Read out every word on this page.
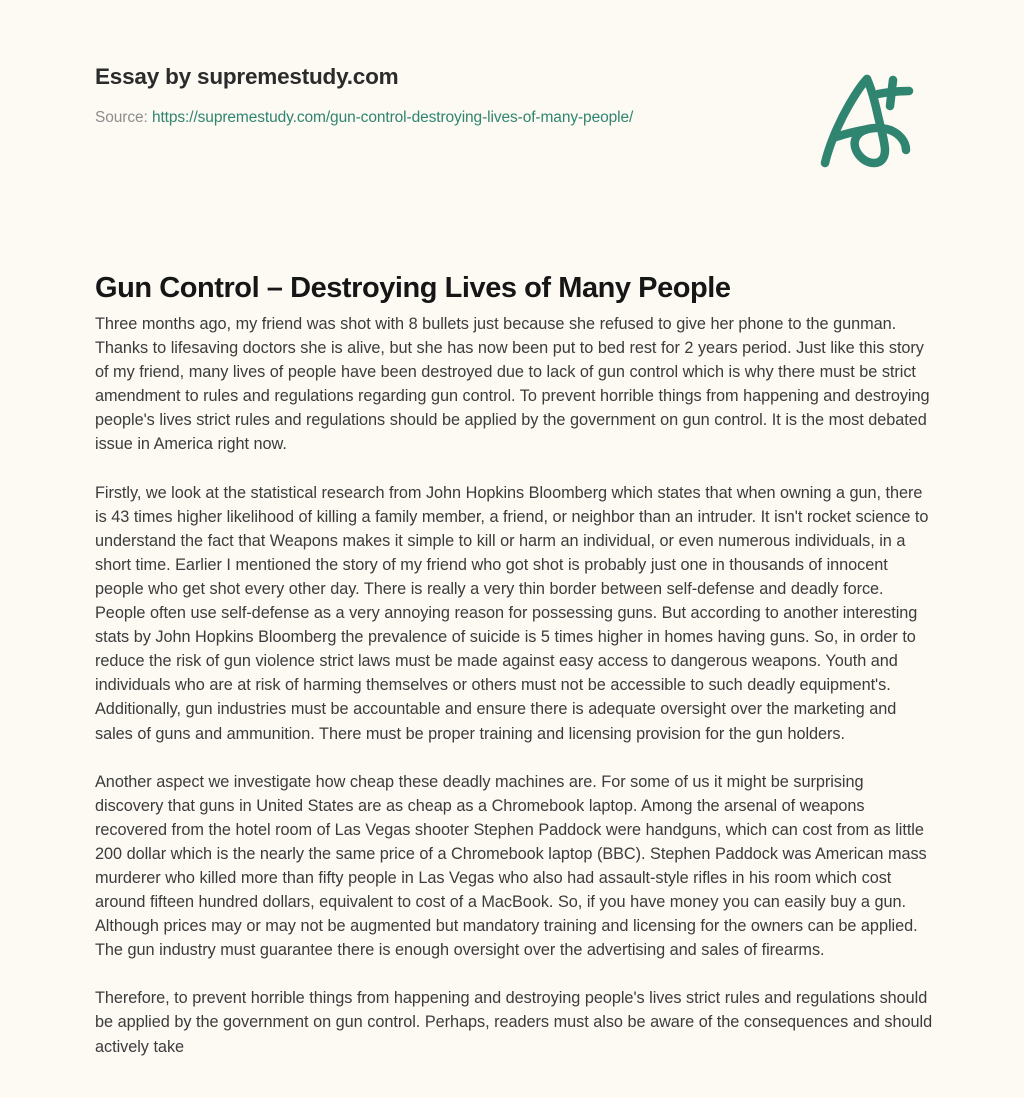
Essay by supremestudy.com
Source: https://supremestudy.com/gun-control-destroying-lives-of-many-people/
Gun Control – Destroying Lives of Many People

Three months ago, my friend was shot with 8 bullets just because she refused to give her phone to the gunman. Thanks to lifesaving doctors she is alive, but she has now been put to bed rest for 2 years period. Just like this story of my friend, many lives of people have been destroyed due to lack of gun control which is why there must be strict amendment to rules and regulations regarding gun control. To prevent horrible things from happening and destroying people's lives strict rules and regulations should be applied by the government on gun control. It is the most debated issue in America right now.

Firstly, we look at the statistical research from John Hopkins Bloomberg which states that when owning a gun, there is 43 times higher likelihood of killing a family member, a friend, or neighbor than an intruder. It isn't rocket science to understand the fact that Weapons makes it simple to kill or harm an individual, or even numerous individuals, in a short time. Earlier I mentioned the story of my friend who got shot is probably just one in thousands of innocent people who get shot every other day. There is really a very thin border between self-defense and deadly force. People often use self-defense as a very annoying reason for possessing guns. But according to another interesting stats by John Hopkins Bloomberg the prevalence of suicide is 5 times higher in homes having guns. So, in order to reduce the risk of gun violence strict laws must be made against easy access to dangerous weapons. Youth and individuals who are at risk of harming themselves or others must not be accessible to such deadly equipment's. Additionally, gun industries must be accountable and ensure there is adequate oversight over the marketing and sales of guns and ammunition. There must be proper training and licensing provision for the gun holders.

Another aspect we investigate how cheap these deadly machines are. For some of us it might be surprising discovery that guns in United States are as cheap as a Chromebook laptop. Among the arsenal of weapons recovered from the hotel room of Las Vegas shooter Stephen Paddock were handguns, which can cost from as little 200 dollar which is the nearly the same price of a Chromebook laptop (BBC). Stephen Paddock was American mass murderer who killed more than fifty people in Las Vegas who also had assault-style rifles in his room which cost around fifteen hundred dollars, equivalent to cost of a MacBook. So, if you have money you can easily buy a gun. Although prices may or may not be augmented but mandatory training and licensing for the owners can be applied. The gun industry must guarantee there is enough oversight over the advertising and sales of firearms.

Therefore, to prevent horrible things from happening and destroying people's lives strict rules and regulations should be applied by the government on gun control. Perhaps, readers must also be aware of the consequences and should actively take
